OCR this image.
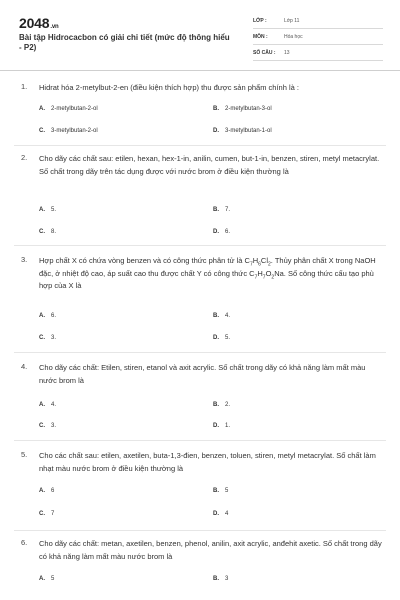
2048.vn
Bài tập Hidrocacbon có giải chi tiết (mức độ thông hiểu - P2)
LỚP :	Lớp 11
MÔN :	Hóa học
SỐ CÂU : 13
1. Hidrat hóa 2-metylbut-2-en (điều kiện thích hợp) thu được sản phẩm chính là :

A. 2-metylbutan-2-ol	B. 2-metylbutan-3-ol
C. 3-metylbutan-2-ol	D. 3-metylbutan-1-ol
2. Cho dãy các chất sau: etilen, hexan, hex-1-in, anilin, cumen, but-1-in, benzen, stiren, metyl metacrylat. Số chất trong dãy trên tác dụng được với nước brom ở điều kiện thường là

A. 5.	B. 7.
C. 8.	D. 6.
3. Hợp chất X có chứa vòng benzen và có công thức phân tử là $C_7H_6Cl_2$. Thủy phân chất X trong NaOH đặc, ở nhiệt độ cao, áp suất cao thu được chất Y có công thức $C_7H_7O_2Na$. Số công thức cấu tạo phù hợp của X là

A. 6.	B. 4.
C. 3.	D. 5.
4. Cho dãy các chất: Etilen, stiren, etanol và axit acrylic. Số chất trong dãy có khả năng làm mất màu nước brom là

A. 4.	B. 2.
C. 3.	D. 1.
5. Cho các chất sau: etilen, axetilen, buta-1,3-đien, benzen, toluen, stiren, metyl metacrylat. Số chất làm nhạt màu nước brom ở điều kiện thường là

A. 6	B. 5
C. 7	D. 4
6. Cho dãy các chất: metan, axetilen, benzen, phenol, anilin, axit acrylic, anđehit axetic. Số chất trong dãy có khả năng làm mất màu nước brom là

A. 5	B. 3
